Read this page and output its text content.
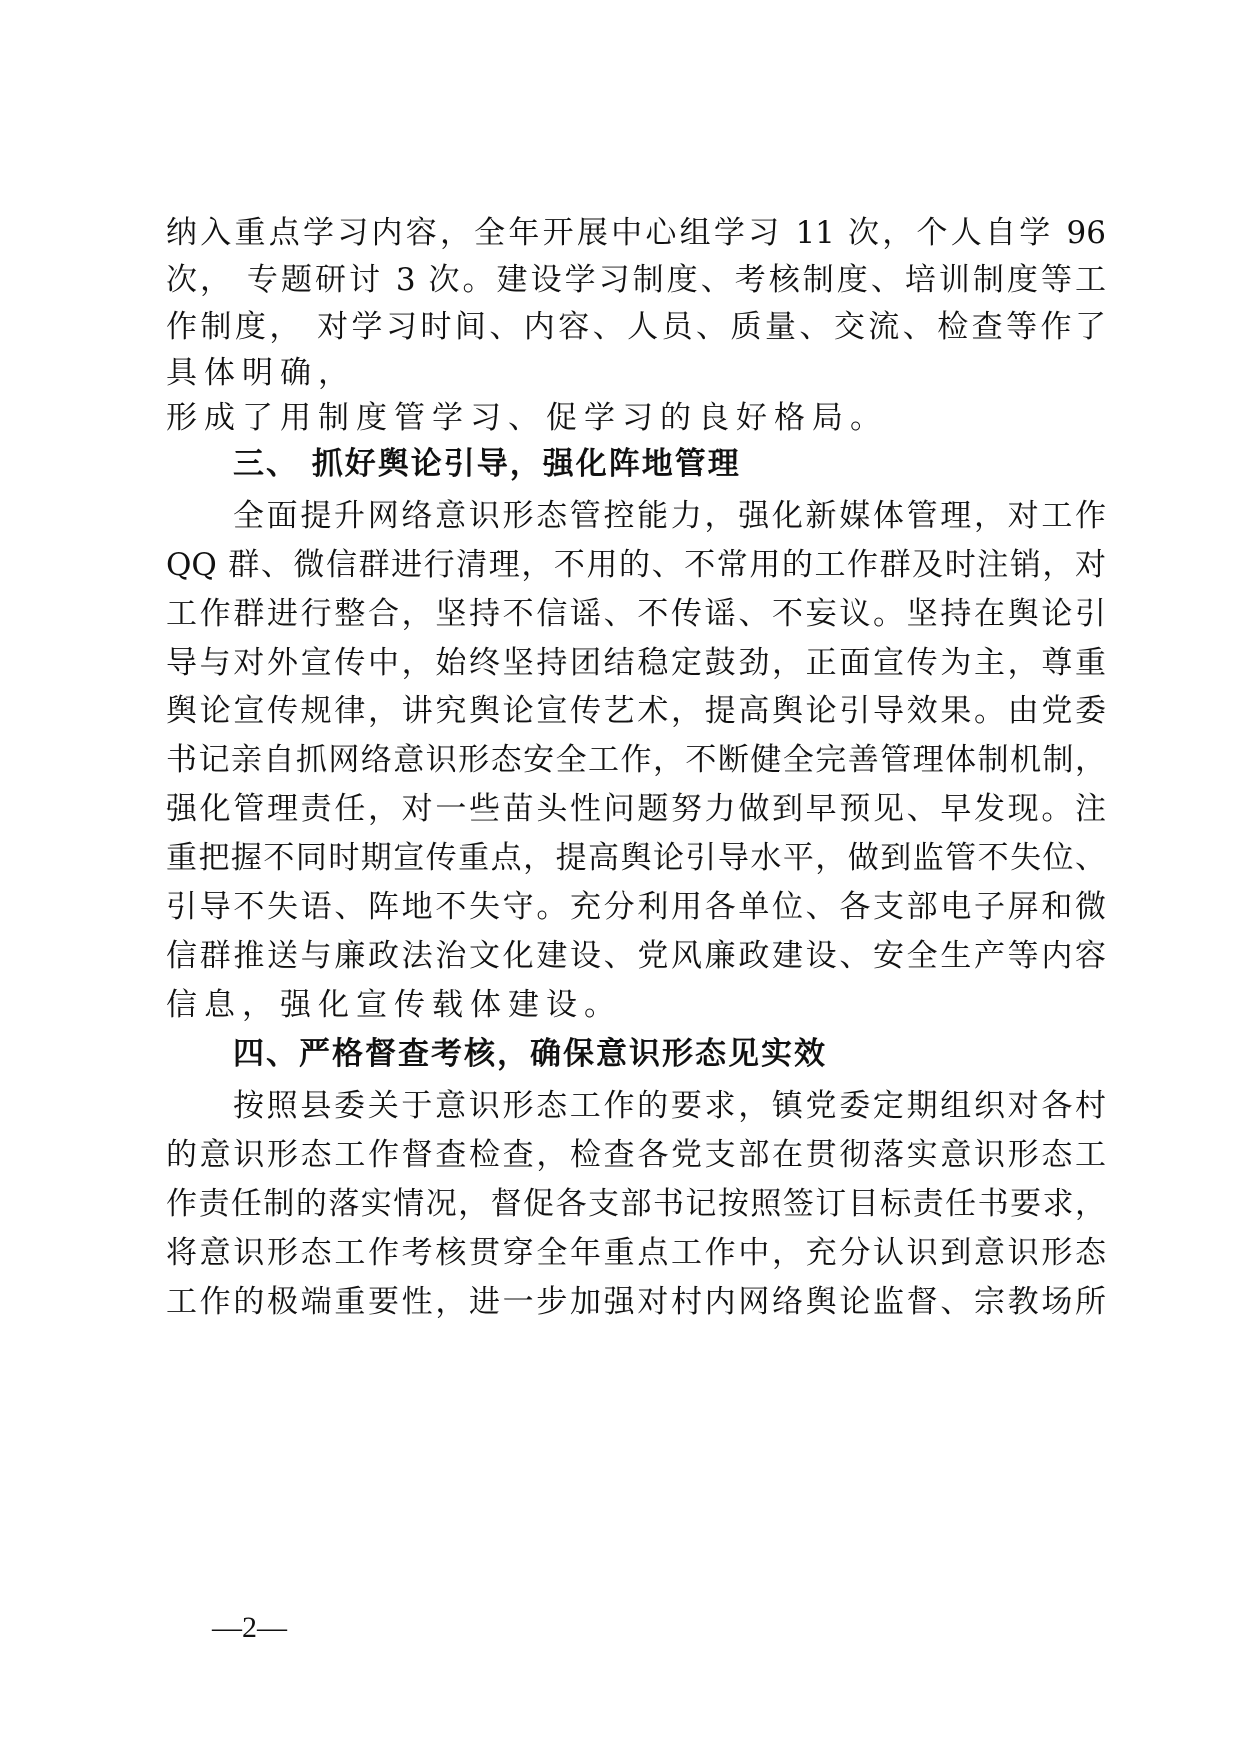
纳入重点学习内容，全年开展中心组学习 11 次，个人自学 96
次， 专题研讨 3 次。建设学习制度、考核制度、培训制度等工
作制度， 对学习时间、内容、人员、质量、交流、检查等作了
具体明确，
形成了用制度管学习、促学习的良好格局。
三、 抓好舆论引导，强化阵地管理
全面提升网络意识形态管控能力，强化新媒体管理，对工作
QQ 群、微信群进行清理，不用的、不常用的工作群及时注销，对
工作群进行整合，坚持不信谣、不传谣、不妄议。坚持在舆论引
导与对外宣传中，始终坚持团结稳定鼓劲，正面宣传为主，尊重
舆论宣传规律，讲究舆论宣传艺术，提高舆论引导效果。由党委
书记亲自抓网络意识形态安全工作，不断健全完善管理体制机制，
强化管理责任，对一些苗头性问题努力做到早预见、早发现。注
重把握不同时期宣传重点，提高舆论引导水平，做到监管不失位、
引导不失语、阵地不失守。充分利用各单位、各支部电子屏和微
信群推送与廉政法治文化建设、党风廉政建设、安全生产等内容
信息，强化宣传载体建设。
四、严格督查考核，确保意识形态见实效
按照县委关于意识形态工作的要求，镇党委定期组织对各村
的意识形态工作督查检查，检查各党支部在贯彻落实意识形态工
作责任制的落实情况，督促各支部书记按照签订目标责任书要求，
将意识形态工作考核贯穿全年重点工作中，充分认识到意识形态
工作的极端重要性，进一步加强对村内网络舆论监督、宗教场所
—2—
